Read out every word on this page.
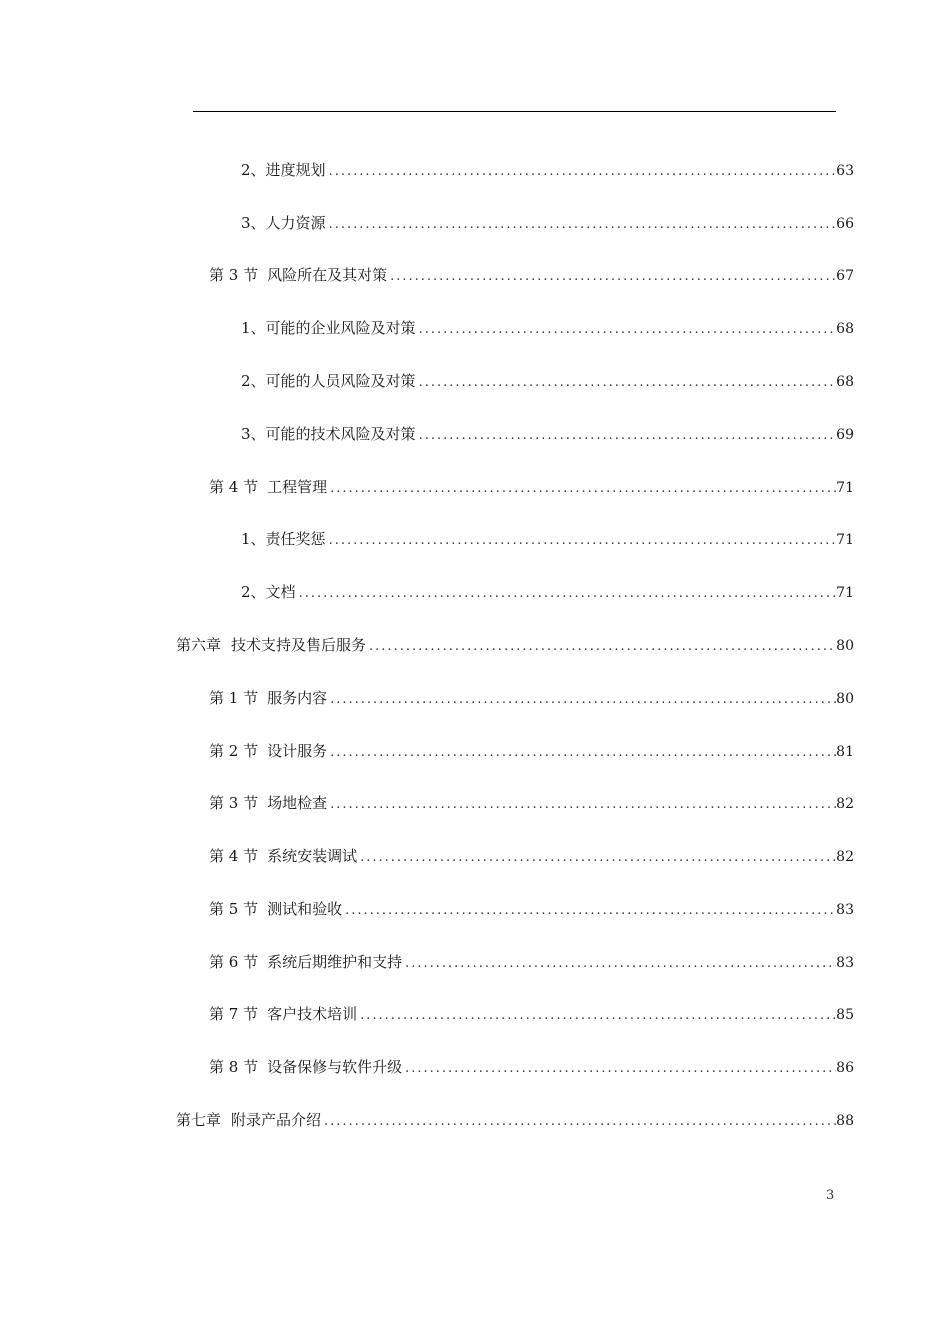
2、 进度规划 .....	63
3、 人力资源 .....	66
第 3 节 风险所在及其对策 .....	67
1、 可能的企业风险及对策 .....	68
2、 可能的人员风险及对策 .....	68
3、 可能的技术风险及对策 .....	69
第 4 节 工程管理 .....	71
1、 责任奖惩 .....	71
2、 文档 .....	71
第六章 技术支持及售后服务 .....	80
第 1 节 服务内容 .....	80
第 2 节 设计服务 .....	81
第 3 节 场地检查 .....	82
第 4 节 系统安装调试 .....	82
第 5 节 测试和验收 .....	83
第 6 节 系统后期维护和支持 .....	83
第 7 节 客户技术培训 .....	85
第 8 节 设备保修与软件升级 .....	86
第七章 附录产品介绍 .....	88
3
